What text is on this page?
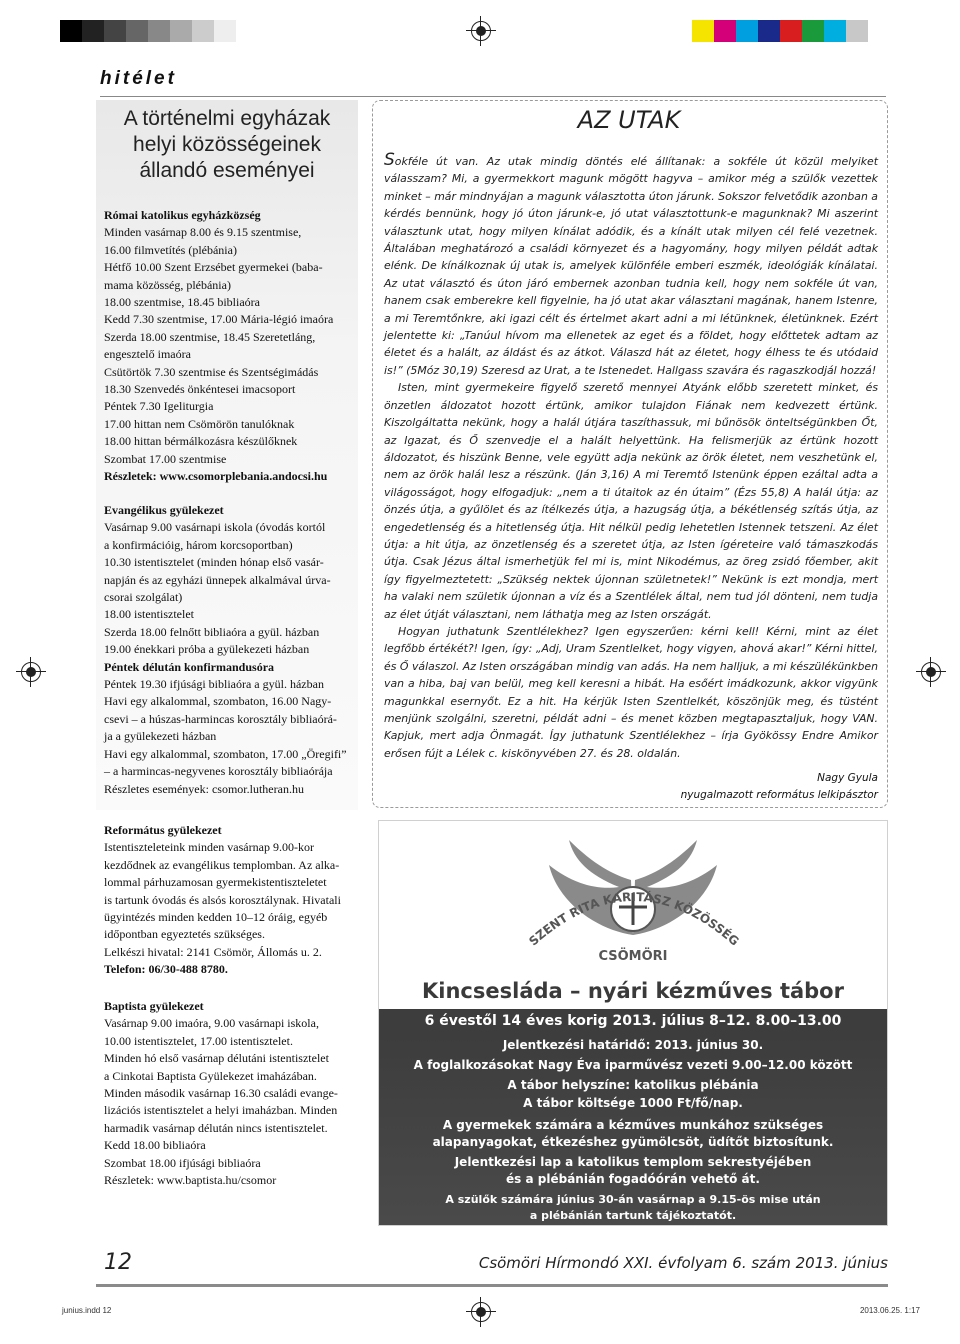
hitélet
A történelmi egyházak
helyi közösségeinek
állandó eseményei

Római katolikus egyházközség

Minden vasárnap 8.00 és 9.15 szentmise,

16.00 filmvetítés (plébánia)

Hétfő 10.00 Szent Erzsébet gyermekei (baba-

mama közösség, plébánia)

18.00 szentmise, 18.45 bibliaóra

Kedd 7.30 szentmise, 17.00 Mária-légió imaóra

Szerda 18.00 szentmise, 18.45 Szeretetláng,

engesztelő imaóra

Csütörtök 7.30 szentmise és Szentségimádás

18.30 Szenvedés önkéntesei imacsoport

Péntek 7.30 Igeliturgia

17.00 hittan nem Csömörön tanulóknak

18.00 hittan bérmálkozásra készülőknek

Szombat 17.00 szentmise

Részletek: www.csomorplebania.andocsi.hu

Evangélikus gyülekezet

Vasárnap 9.00 vasárnapi iskola (óvodás kortól

a konfirmációig, három korcsoportban)

10.30 istentisztelet (minden hónap első vasár-

napján és az egyházi ünnepek alkalmával úrva-

csorai szolgálat)

18.00 istentisztelet

Szerda 18.00 felnőtt bibliaóra a gyül. házban

19.00 énekkari próba a gyülekezeti házban

Péntek délután konfirmandusóra

Péntek 19.30 ifjúsági bibliaóra a gyül. házban

Havi egy alkalommal, szombaton, 16.00 Nagy-

csevi – a húszas-harmincas korosztály bibliaórá-

ja a gyülekezeti házban

Havi egy alkalommal, szombaton, 17.00 „Öregifi”

– a harmincas-negyvenes korosztály bibliaórája

Részletes események: csomor.lutheran.hu

Református gyülekezet

Istentiszteleteink minden vasárnap 9.00-kor

kezdődnek az evangélikus templomban. Az alka-

lommal párhuzamosan gyermekistentiszteletet

is tartunk óvodás és alsós korosztálynak. Hivatali

ügyintézés minden kedden 10–12 óráig, egyéb

időpontban egyeztetés szükséges.

Lelkészi hivatal: 2141 Csömör, Állomás u. 2.

Telefon: 06/30-488 8780.

Baptista gyülekezet

Vasárnap 9.00 imaóra, 9.00 vasárnapi iskola,

10.00 istentisztelet, 17.00 istentisztelet.

Minden hó első vasárnap délutáni istentisztelet

a Cinkotai Baptista Gyülekezet imaházában.

Minden második vasárnap 16.30 családi evange-

lizációs istentisztelet a helyi imaházban. Minden

harmadik vasárnap délután nincs istentisztelet.

Kedd 18.00 bibliaóra

Szombat 18.00 ifjúsági bibliaóra

Részletek: www.baptista.hu/csomor

AZ UTAK

Sokféle út van. Az utak mindig döntés elé állítanak: a sokféle út közül melyiket válasszam? Mi, a gyermekkort magunk mögött hagyva – amikor még a szülők vezettek minket – már mindnyájan a magunk választotta úton járunk. Sokszor felvetődik azonban a kérdés bennünk, hogy jó úton járunk-e, jó utat választottunk-e magunknak? Mi aszerint választunk utat, hogy milyen kínálat adódik, és a kínált utak milyen cél felé vezetnek. Általában meghatározó a családi környezet és a hagyomány, hogy milyen példát adtak elénk. De kínálkoznak új utak is, amelyek különféle emberi eszmék, ideológiák kínálatai. Az utat választó és úton járó embernek azonban tudnia kell, hogy nem sokféle út van, hanem csak emberekre kell figyelnie, ha jó utat akar választani magának, hanem Istenre, a mi Teremtőnkre, aki igazi célt és értelmet akart adni a mi létünknek, életünknek. Ezért jelentette ki: „Tanúul hívom ma ellenetek az eget és a földet, hogy előttetek adtam az életet és a halált, az áldást és az átkot. Válaszd hát az életet, hogy élhess te és utódaid is!” (5Móz 30,19) Szeresd az Urat, a te Istenedet. Hallgass szavára és ragaszkodjál hozzá!

Isten, mint gyermekeire figyelő szerető mennyei Atyánk előbb szeretett minket, és önzetlen áldozatot hozott értünk, amikor tulajdon Fiának nem kedvezett értünk. Kiszolgáltatta nekünk, hogy a halál útjára taszíthassuk, mi bűnösök önteltségünkben Őt, az Igazat, és Ő szenvedje el a halált helyettünk. Ha felismerjük az értünk hozott áldozatot, és hiszünk Benne, vele együtt adja nekünk az örök életet, nem veszhetünk el, nem az örök halál lesz a részünk. (Ján 3,16) A mi Teremtő Istenünk éppen ezáltal adta a világosságot, hogy elfogadjuk: „nem a ti útaitok az én útaim” (Ézs 55,8) A halál útja: az önzés útja, a gyűlölet és az ítélkezés útja, a hazugság útja, a békétlenség szítás útja, az engedetlenség és a hitetlenség útja. Hit nélkül pedig lehetetlen Istennek tetszeni. Az élet útja: a hit útja, az önzetlenség és a szeretet útja, az Isten ígéreteire való támaszkodás útja. Csak Jézus által ismerhetjük fel mi is, mint Nikodémus, az öreg zsidó főember, akit így figyelmeztetett: „Szükség nektek újonnan születnetek!” Nekünk is ezt mondja, mert ha valaki nem születik újonnan a víz és a Szentlélek által, nem tud jól dönteni, nem tudja az élet útját választani, nem láthatja meg az Isten országát.

Hogyan juthatunk Szentlélekhez? Igen egyszerűen: kérni kell! Kérni, mint az élet legfőbb értékét?! Igen, így: „Adj, Uram Szentlelket, hogy vigyen, ahová akar!” Kérni hittel, és Ő válaszol. Az Isten országában mindig van adás. Ha nem halljuk, a mi készülékünkben van a hiba, baj van belül, meg kell keresni a hibát. Ha esőért imádkozunk, akkor vigyünk magunkkal esernyőt. Ez a hit. Ha kérjük Isten Szentlelkét, köszönjük meg, és tüstént menjünk szolgálni, szeretni, példát adni – és menet közben megtapasztaljuk, hogy VAN. Kapjuk, mert adja Önmagát. Így juthatunk Szentlélekhez – írja Gyökössy Endre Amikor erősen fújt a Lélek c. kiskönyvében 27. és 28. oldalán.

Nagy Gyula
nyugalmazott református lelkipásztor
SZENT RITA KARITÁSZ KÖZÖSSÉG
CSÖMÖRI
Kincsesláda – nyári kézműves tábor
6 évestől 14 éves korig 2013. július 8–12. 8.00–13.00
Jelentkezési határidő: 2013. június 30.
A foglalkozásokat Nagy Éva iparművész vezeti 9.00–12.00 között
A tábor helyszíne: katolikus plébánia
A tábor költsége 1000 Ft/fő/nap.
A gyermekek számára a kézműves munkához szükséges
alapanyagokat, étkezéshez gyümölcsöt, üdítőt biztosítunk.
Jelentkezési lap a katolikus templom sekrestyéjében
és a plébánián fogadóórán vehető át.
A szülők számára június 30-án vasárnap a 9.15-ös mise után
a plébánián tartunk tájékoztatót.
12	Csömöri Hírmondó XXI. évfolyam 6. szám 2013. június
junius.indd 12	2013.06.25. 1:17
